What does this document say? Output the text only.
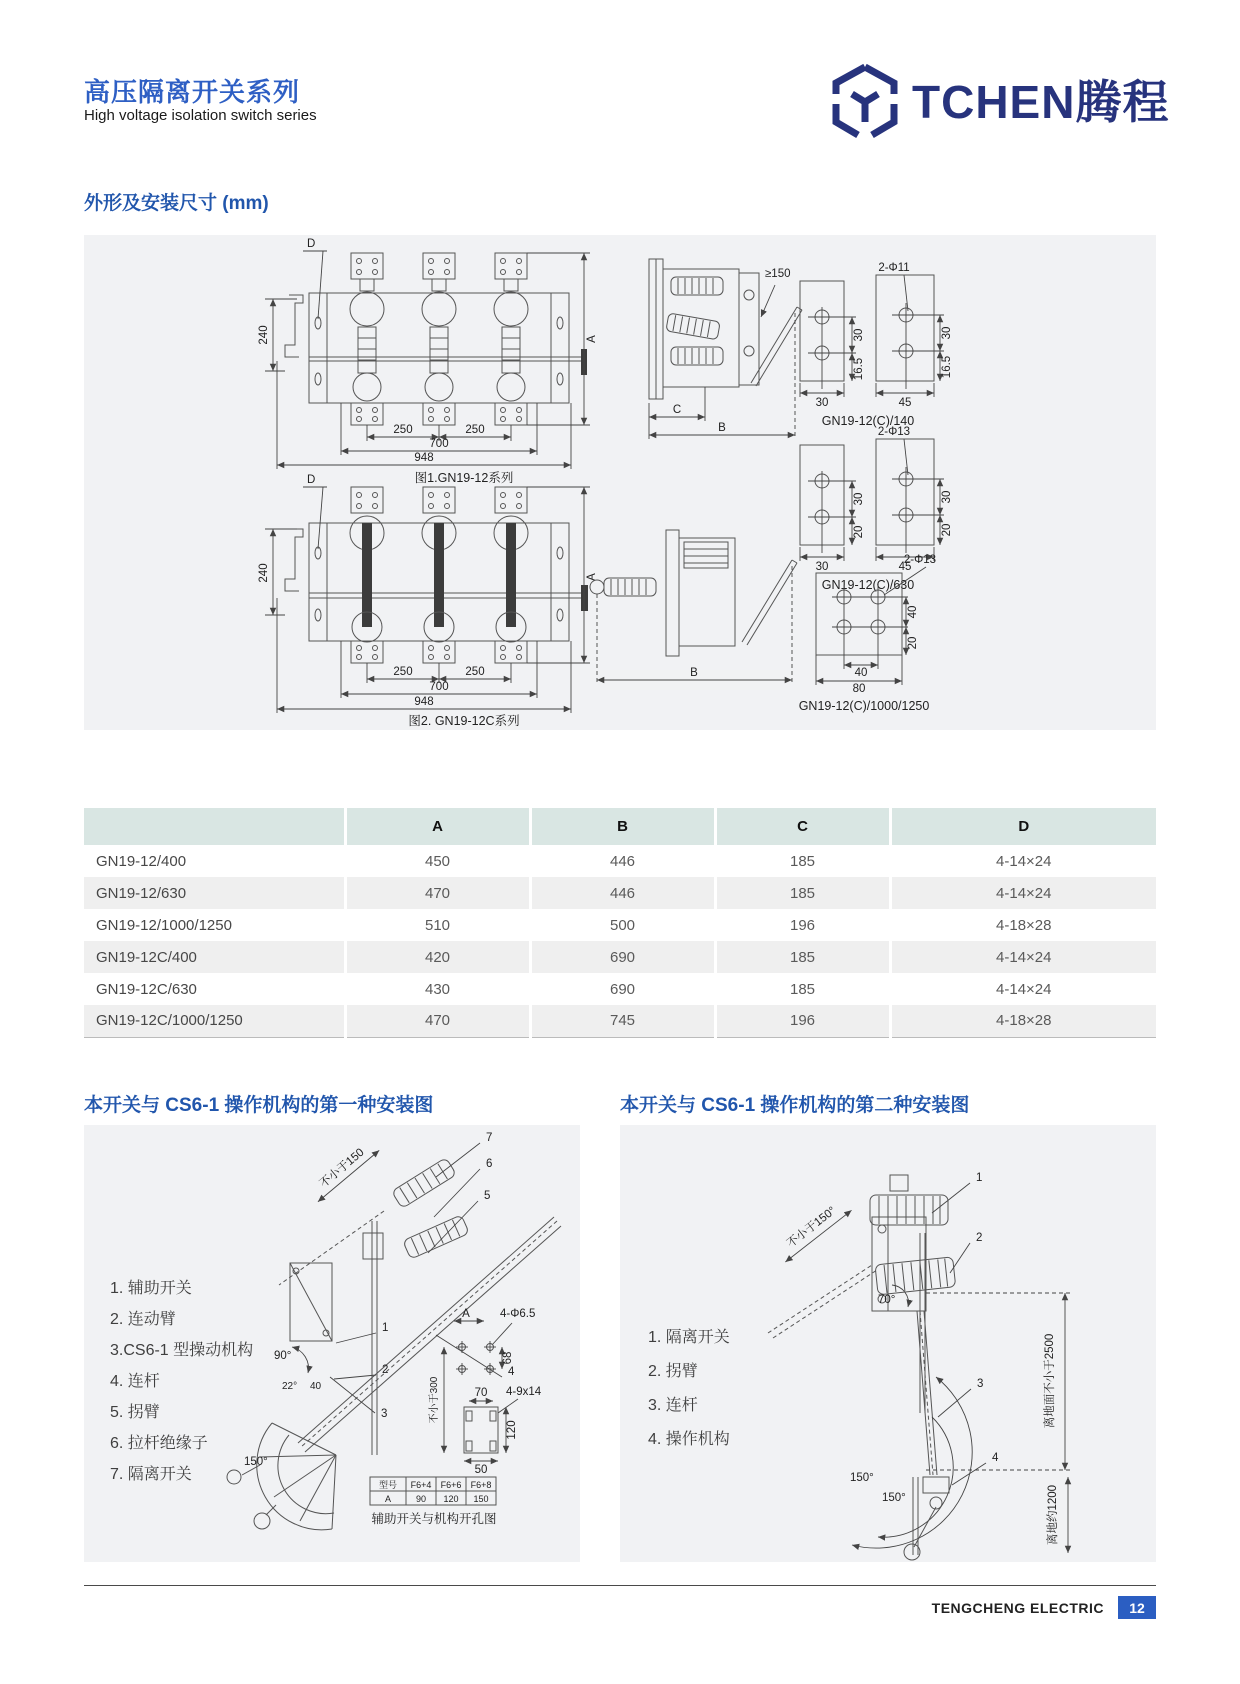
高压隔离开关系列
High voltage isolation switch series	TCHEN腾程
外形及安装尺寸 (mm)
240
D
A
250	250
700
948
图1.GN19-12系列
≥150
C
B
240
D
A
250	250
700
948
图2. GN19-12C系列
B
2-Φ11
30
16.5
30
16.5
30	45
GN19-12(C)/140
2-Φ13
30
20
30
20
30	45
GN19-12(C)/630
2-Φ13
40
20
40
80
GN19-12(C)/1000/1250
	A	B	C	D
GN19-12/400	450	446	185	4-14×24
GN19-12/630	470	446	185	4-14×24
GN19-12/1000/1250	510	500	196	4-18×28
GN19-12C/400	420	690	185	4-14×24
GN19-12C/630	430	690	185	4-14×24
GN19-12C/1000/1250	470	745	196	4-18×28
本开关与 CS6-1 操作机构的第一种安装图	本开关与 CS6-1 操作机构的第二种安装图
1. 辅助开关
2. 连动臂
3.CS6-1 型操动机构
4. 连杆
5. 拐臂
6. 拉杆绝缘子
7. 隔离开关
7
6
5
不小于150
90°
22° 40
1
2
3
4
150°
A	4-Φ6.5
68
不小于300	70 4-9x14
120
50
型号 F6+4 F6+6 F6+8
A	90 120 150
辅助开关与机构开孔图
1. 隔离开关
2. 拐臂
3. 连杆
4. 操作机构
1
2
70°
不小于150°
离地面不小于2500
3
150°
150°
4
离地约1200
TENGCHENG ELECTRIC	12
